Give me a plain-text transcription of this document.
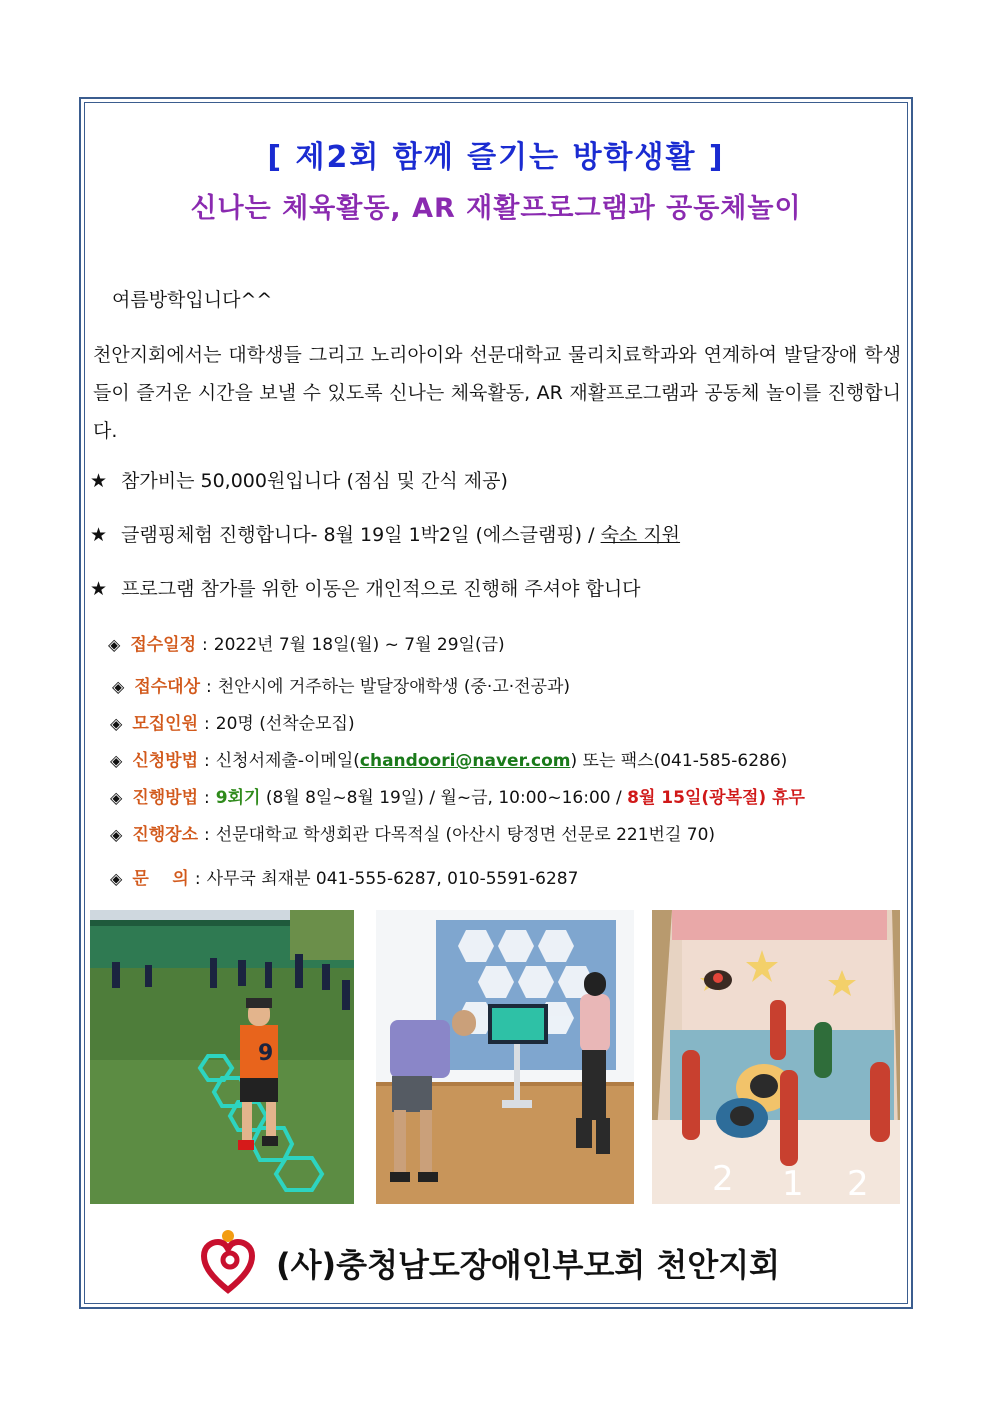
[ 제2회 함께 즐기는 방학생활 ]
신나는 체육활동, AR 재활프로그램과 공동체놀이
여름방학입니다^^
천안지회에서는 대학생들 그리고 노리아이와 선문대학교 물리치료학과와 연계하여 발달장애 학생들이 즐거운 시간을 보낼 수 있도록 신나는 체육활동, AR 재활프로그램과 공동체 놀이를 진행합니다.
★ 참가비는 50,000원입니다 (점심 및 간식 제공)
★ 글램핑체험 진행합니다- 8월 19일 1박2일 (에스글램핑) / 숙소 지원
★ 프로그램 참가를 위한 이동은 개인적으로 진행해 주셔야 합니다
◈ 접수일정 : 2022년 7월 18일(월) ~ 7월 29일(금)
◈ 접수대상 : 천안시에 거주하는 발달장애학생 (중·고·전공과)
◈ 모집인원 : 20명 (선착순모집)
◈ 신청방법 : 신청서제출-이메일(chandoori@naver.com) 또는 팩스(041-585-6286)
◈ 진행방법 : 9회기 (8월 8일~8월 19일) / 월~금, 10:00~16:00 / 8월 15일(광복절) 휴무
◈ 진행장소 : 선문대학교 학생회관 다목적실 (아산시 탕정면 선문로 221번길 70)
◈ 문    의 : 사무국 최재분 041-555-6287, 010-5591-6287
9
2 1 2
(사)충청남도장애인부모회 천안지회
